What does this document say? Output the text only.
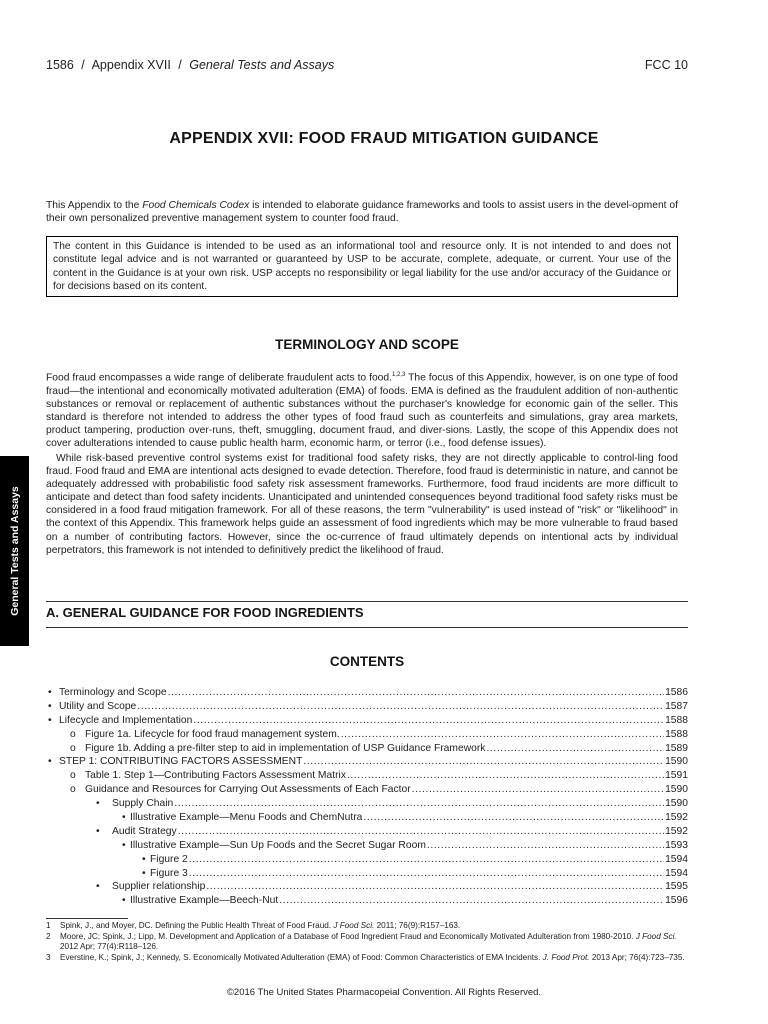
1586 / Appendix XVII / General Tests and Assays	FCC 10
General Tests and Assays
APPENDIX XVII: FOOD FRAUD MITIGATION GUIDANCE

This Appendix to the Food Chemicals Codex is intended to elaborate guidance frameworks and tools to assist users in the devel-opment of their own personalized preventive management system to counter food fraud.

The content in this Guidance is intended to be used as an informational tool and resource only. It is not intended to and does not constitute legal advice and is not warranted or guaranteed by USP to be accurate, complete, adequate, or current. Your use of the content in the Guidance is at your own risk. USP accepts no responsibility or legal liability for the use and/or accuracy of the Guidance or for decisions based on its content.
TERMINOLOGY AND SCOPE

Food fraud encompasses a wide range of deliberate fraudulent acts to food.$^{1,2,3}$ The focus of this Appendix, however, is on one type of food fraud—the intentional and economically motivated adulteration (EMA) of foods. EMA is defined as the fraudulent addition of non-authentic substances or removal or replacement of authentic substances without the purchaser's knowledge for economic gain of the seller. This standard is therefore not intended to address the other types of food fraud such as counterfeits and simulations, gray area markets, product tampering, production over-runs, theft, smuggling, document fraud, and diver-sions. Lastly, the scope of this Appendix does not cover adulterations intended to cause public health harm, economic harm, or terror (i.e., food defense issues).

While risk-based preventive control systems exist for traditional food safety risks, they are not directly applicable to control-ling food fraud. Food fraud and EMA are intentional acts designed to evade detection. Therefore, food fraud is deterministic in nature, and cannot be adequately addressed with probabilistic food safety risk assessment frameworks. Furthermore, food fraud incidents are more difficult to anticipate and detect than food safety incidents. Unanticipated and unintended consequences beyond traditional food safety risks must be considered in a food fraud mitigation framework. For all of these reasons, the term "vulnerability" is used instead of "risk" or "likelihood" in the context of this Appendix. This framework helps guide an assessment of food ingredients which may be more vulnerable to fraud based on a number of contributing factors. However, since the oc-currence of fraud ultimately depends on intentional acts by individual perpetrators, this framework is not intended to definitively predict the likelihood of fraud.

A. GENERAL GUIDANCE FOR FOOD INGREDIENTS
CONTENTS
• Terminology and Scope .....	1586
• Utility and Scope .....	1587
• Lifecycle and Implementation .....	1588
o Figure 1a. Lifecycle for food fraud management system. .....	1588
o Figure 1b. Adding a pre-filter step to aid in implementation of USP Guidance Framework .....	1589
• STEP 1: CONTRIBUTING FACTORS ASSESSMENT .....	1590
o Table 1. Step 1—Contributing Factors Assessment Matrix .....	1591
o Guidance and Resources for Carrying Out Assessments of Each Factor .....	1590
• Supply Chain .....	1590
• Illustrative Example—Menu Foods and ChemNutra .....	1592
• Audit Strategy .....	1592
• Illustrative Example—Sun Up Foods and the Secret Sugar Room .....	1593
• Figure 2 .....	1594
• Figure 3 .....	1594
• Supplier relationship .....	1595
• Illustrative Example—Beech-Nut .....	1596
1 Spink, J., and Moyer, DC. Defining the Public Health Threat of Food Fraud. J Food Sci. 2011; 76(9):R157–163.
2 Moore, JC; Spink, J.; Lipp, M. Development and Application of a Database of Food Ingredient Fraud and Economically Motivated Adulteration from 1980-2010. J Food Sci. 2012 Apr; 77(4):R118–126.
3 Everstine, K.; Spink, J.; Kennedy, S. Economically Motivated Adulteration (EMA) of Food: Common Characteristics of EMA Incidents. J. Food Prot. 2013 Apr; 76(4):723–735.
©2016 The United States Pharmacopeial Convention. All Rights Reserved.
